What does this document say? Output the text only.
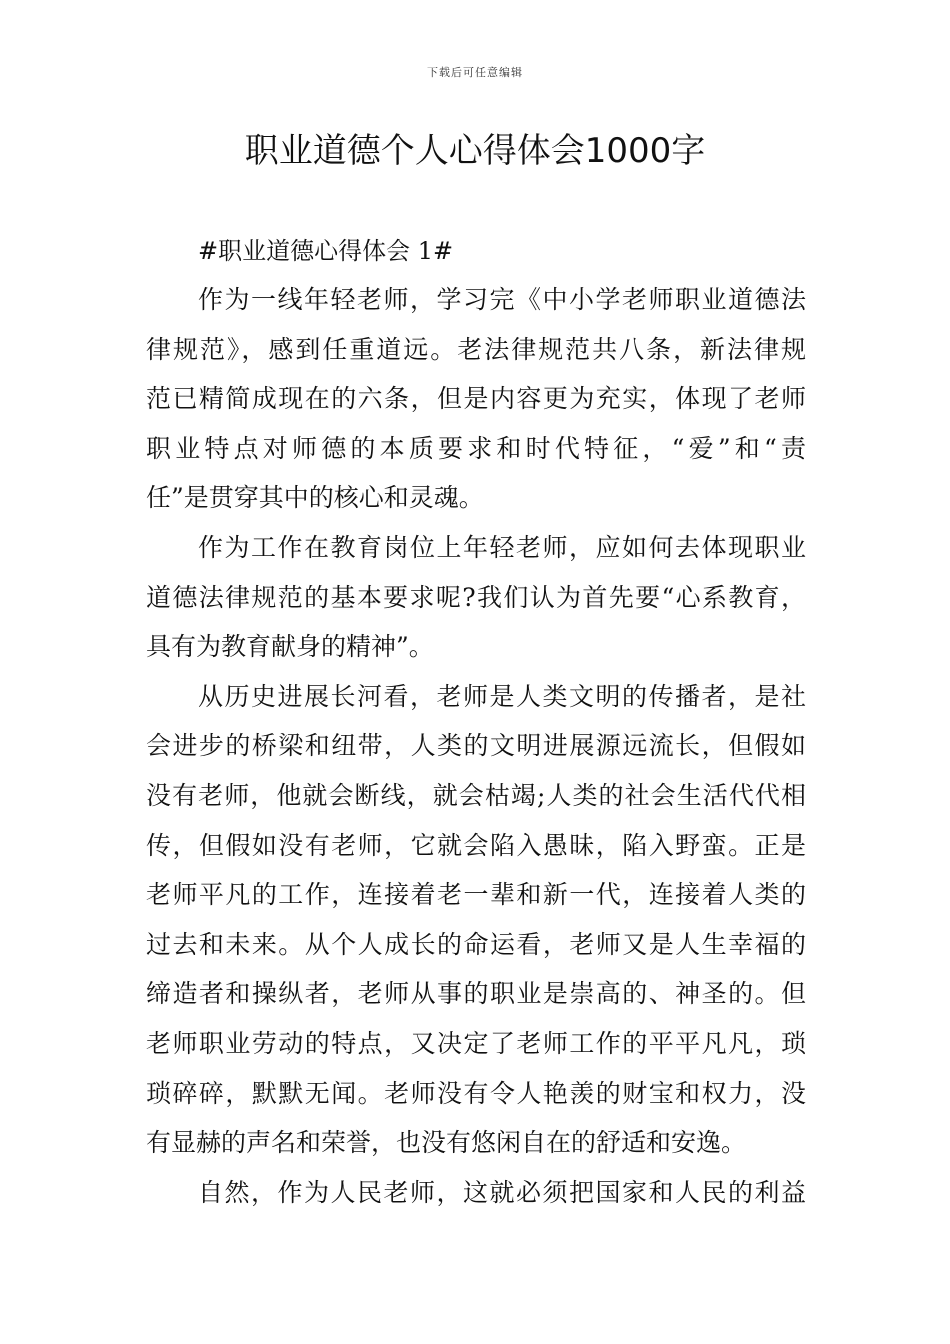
下载后可任意编辑
职业道德个人心得体会1000字

#职业道德心得体会 1#

作为一线年轻老师，学习完《中小学老师职业道德法
律规范》，感到任重道远。老法律规范共八条，新法律规
范已精简成现在的六条，但是内容更为充实，体现了老师
职业特点对师德的本质要求和时代特征，“爱”和“责
任”是贯穿其中的核心和灵魂。

作为工作在教育岗位上年轻老师，应如何去体现职业
道德法律规范的基本要求呢?我们认为首先要“心系教育，
具有为教育献身的精神”。

从历史进展长河看，老师是人类文明的传播者，是社
会进步的桥梁和纽带，人类的文明进展源远流长，但假如
没有老师，他就会断线，就会枯竭;人类的社会生活代代相
传，但假如没有老师，它就会陷入愚昧，陷入野蛮。正是
老师平凡的工作，连接着老一辈和新一代，连接着人类的
过去和未来。从个人成长的命运看，老师又是人生幸福的
缔造者和操纵者，老师从事的职业是崇高的、神圣的。但
老师职业劳动的特点，又决定了老师工作的平平凡凡，琐
琐碎碎，默默无闻。老师没有令人艳羡的财宝和权力，没
有显赫的声名和荣誉，也没有悠闲自在的舒适和安逸。

自然，作为人民老师，这就必须把国家和人民的利益
